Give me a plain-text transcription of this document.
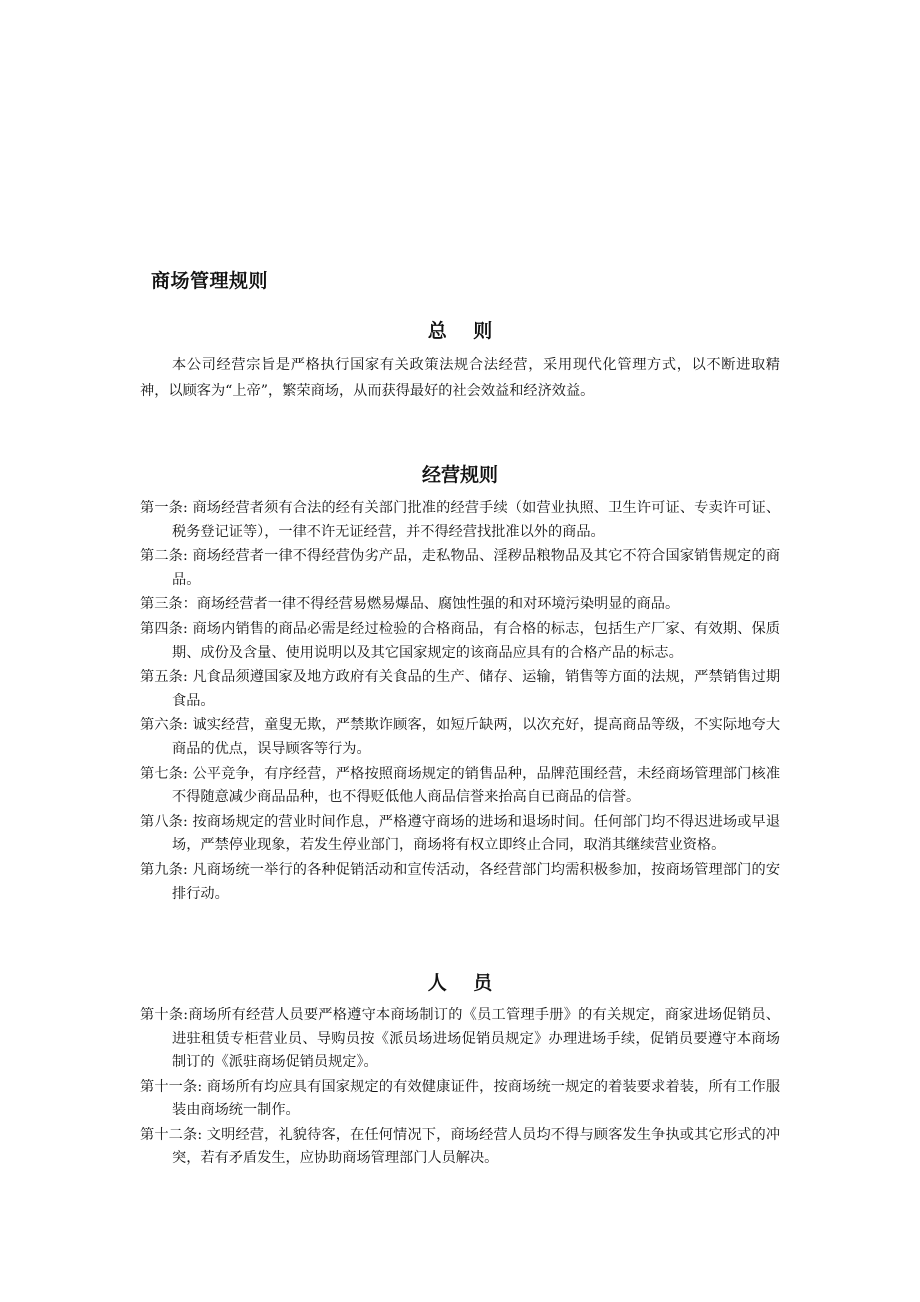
商场管理规则
总    则

本公司经营宗旨是严格执行国家有关政策法规合法经营，采用现代化管理方式，以不断进取精神，以顾客为“上帝”，繁荣商场，从而获得最好的社会效益和经济效益。

经营规则
第一条: 商场经营者须有合法的经有关部门批准的经营手续（如营业执照、卫生许可证、专卖许可证、税务登记证等），一律不许无证经营，并不得经营找批准以外的商品。
第二条: 商场经营者一律不得经营伪劣产品，走私物品、淫秽品粮物品及其它不符合国家销售规定的商品。
第三条：商场经营者一律不得经营易燃易爆品、腐蚀性强的和对环境污染明显的商品。
第四条: 商场内销售的商品必需是经过检验的合格商品，有合格的标志，包括生产厂家、有效期、保质期、成份及含量、使用说明以及其它国家规定的该商品应具有的合格产品的标志。
第五条: 凡食品须遵国家及地方政府有关食品的生产、储存、运输，销售等方面的法规，严禁销售过期食品。
第六条: 诚实经营，童叟无欺，严禁欺诈顾客，如短斤缺两，以次充好，提高商品等级，不实际地夸大商品的优点，误导顾客等行为。
第七条: 公平竞争，有序经营，严格按照商场规定的销售品种，品牌范围经营，未经商场管理部门核准不得随意减少商品品种，也不得贬低他人商品信誉来抬高自已商品的信誉。
第八条: 按商场规定的营业时间作息，严格遵守商场的进场和退场时间。任何部门均不得迟进场或早退场，严禁停业现象，若发生停业部门，商场将有权立即终止合同，取消其继续营业资格。
第九条: 凡商场统一举行的各种促销活动和宣传活动，各经营部门均需积极参加，按商场管理部门的安排行动。
人    员
第十条:商场所有经营人员要严格遵守本商场制订的《员工管理手册》的有关规定，商家进场促销员、进驻租赁专柜营业员、导购员按《派员场进场促销员规定》办理进场手续，促销员要遵守本商场制订的《派驻商场促销员规定》。
第十一条: 商场所有均应具有国家规定的有效健康证件，按商场统一规定的着装要求着装，所有工作服装由商场统一制作。
第十二条: 文明经营，礼貌待客，在任何情况下，商场经营人员均不得与顾客发生争执或其它形式的冲突，若有矛盾发生，应协助商场管理部门人员解决。
